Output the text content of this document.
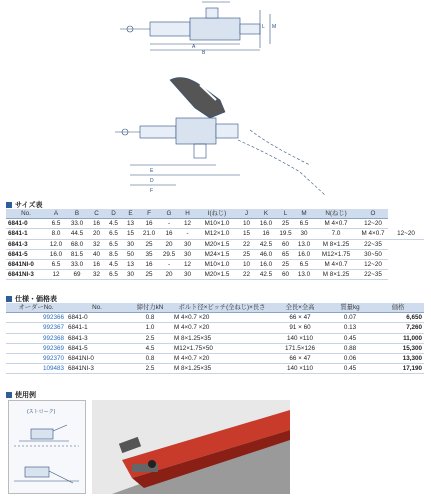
L M
A
B
E
D
F
サイズ表
No.	A	B	C	D	E	F	G	H	I(ねじ)	J	K	L	M	N(ねじ)	O	
6841-0	6.5	33.0	16	4.5	13	16	-	12	M10×1.0	10	16.0	25	6.5	M 4×0.7	12~20	
6841-1	8.0	44.5	20	6.5	15	21.0	16	-	M12×1.0	15	16	19.5	30	7.0	M 4×0.7	12~20
6841-3	12.0	68.0	32	6.5	30	25	20	30	M20×1.5	22	42.5	60	13.0	M 8×1.25	22~35	
6841-5	16.0	81.5	40	8.5	50	35	29.5	30	M24×1.5	25	46.0	65	16.0	M12×1.75	30~50	
6841NI-0	6.5	33.0	16	4.5	13	16	-	12	M10×1.0	10	16.0	25	6.5	M 4×0.7	12~20	
6841NI-3	12	69	32	6.5	30	25	20	30	M20×1.5	22	42.5	60	13.0	M 8×1.25	22~35	
仕様・価格表
オーダーNo.	No.	締付力kN	ボルト径×ピッチ(全ねじ)×長さ	全長×全高	質量kg	価格
992366	6841-0	0.8	M 4×0.7 ×20	66 × 47	0.07	6,650
992367	6841-1	1.0	M 4×0.7 ×20	91 × 60	0.13	7,260
992368	6841-3	2.5	M 8×1.25×35	140 ×110	0.45	11,000
992369	6841-5	4.5	M12×1.75×50	171.5×126	0.88	15,300
992370	6841NI-0	0.8	M 4×0.7 ×20	66 × 47	0.06	13,300
109483	6841NI-3	2.5	M 8×1.25×35	140 ×110	0.45	17,190
使用例
(ストローク)
